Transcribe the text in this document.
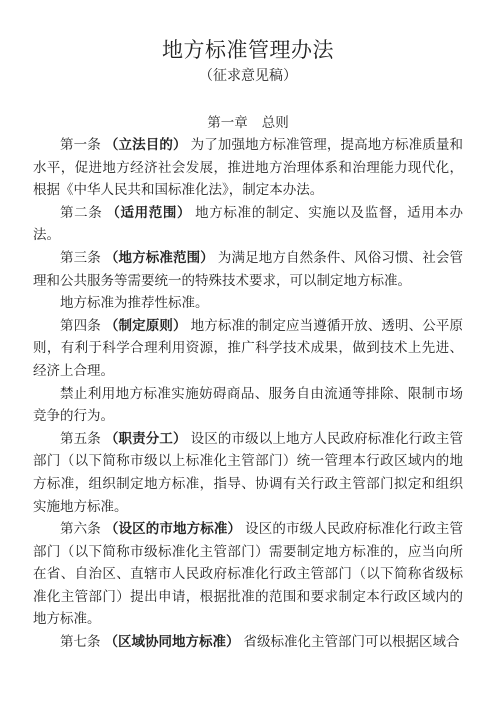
地方标准管理办法
（征求意见稿）
第一章 总则

第一条 （立法目的） 为了加强地方标准管理，提高地方标准质量和水平，促进地方经济社会发展，推进地方治理体系和治理能力现代化，根据《中华人民共和国标准化法》，制定本办法。

第二条 （适用范围） 地方标准的制定、实施以及监督，适用本办法。

第三条 （地方标准范围） 为满足地方自然条件、风俗习惯、社会管理和公共服务等需要统一的特殊技术要求，可以制定地方标准。

地方标准为推荐性标准。

第四条 （制定原则） 地方标准的制定应当遵循开放、透明、公平原则，有利于科学合理利用资源，推广科学技术成果，做到技术上先进、经济上合理。

禁止利用地方标准实施妨碍商品、服务自由流通等排除、限制市场竞争的行为。

第五条 （职责分工） 设区的市级以上地方人民政府标准化行政主管部门（以下简称市级以上标准化主管部门）统一管理本行政区域内的地方标准，组织制定地方标准，指导、协调有关行政主管部门拟定和组织实施地方标准。

第六条 （设区的市地方标准） 设区的市级人民政府标准化行政主管部门（以下简称市级标准化主管部门）需要制定地方标准的，应当向所在省、自治区、直辖市人民政府标准化行政主管部门（以下简称省级标准化主管部门）提出申请，根据批准的范围和要求制定本行政区域内的地方标准。

第七条 （区域协同地方标准） 省级标准化主管部门可以根据区域合
